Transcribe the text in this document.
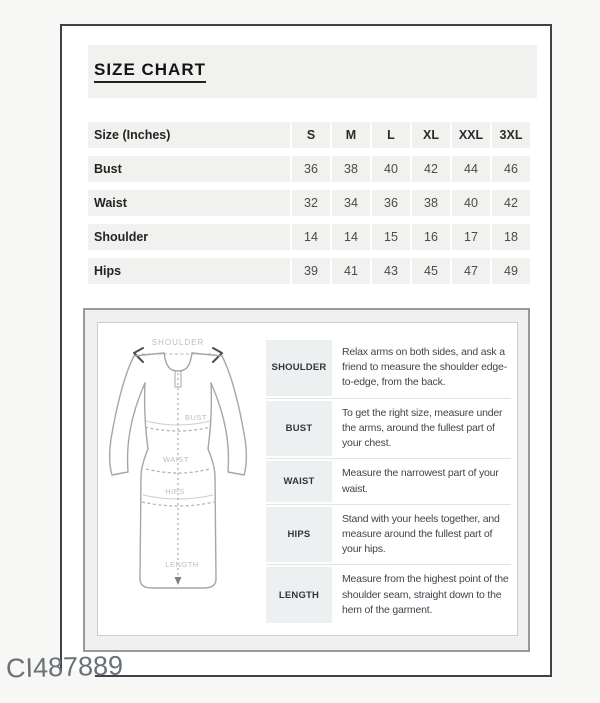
SIZE CHART
Size (Inches)	S	M	L	XL	XXL	3XL
Bust	36	38	40	42	44	46
Waist	32	34	36	38	40	42
Shoulder	14	14	15	16	17	18
Hips	39	41	43	45	47	49
SHOULDER
BUST
WAIST
HIPS
LENGTH
SHOULDER
Relax arms on both sides, and ask a friend to measure the shoulder edge-to-edge, from the back.
BUST
To get the right size, measure under the arms, around the fullest part of your chest.
WAIST
Measure the narrowest part of your waist.
HIPS
Stand with your heels together, and measure around the fullest part of your hips.
LENGTH
Measure from the highest point of the shoulder seam, straight down to the hem of the garment.
CI487889
